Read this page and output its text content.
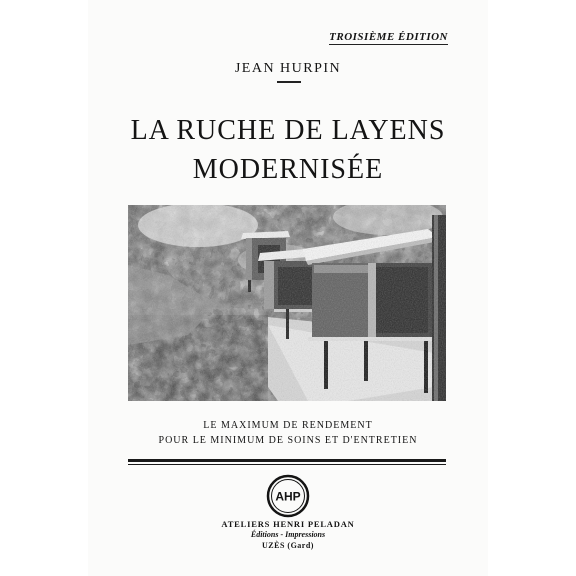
TROISIÈME ÉDITION
JEAN HURPIN
LA RUCHE DE LAYENS
MODERNISÉE
LE MAXIMUM DE RENDEMENT
POUR LE MINIMUM DE SOINS ET D'ENTRETIEN
AHP
ATELIERS HENRI PELADAN
Éditions - Impressions
UZÈS (Gard)
